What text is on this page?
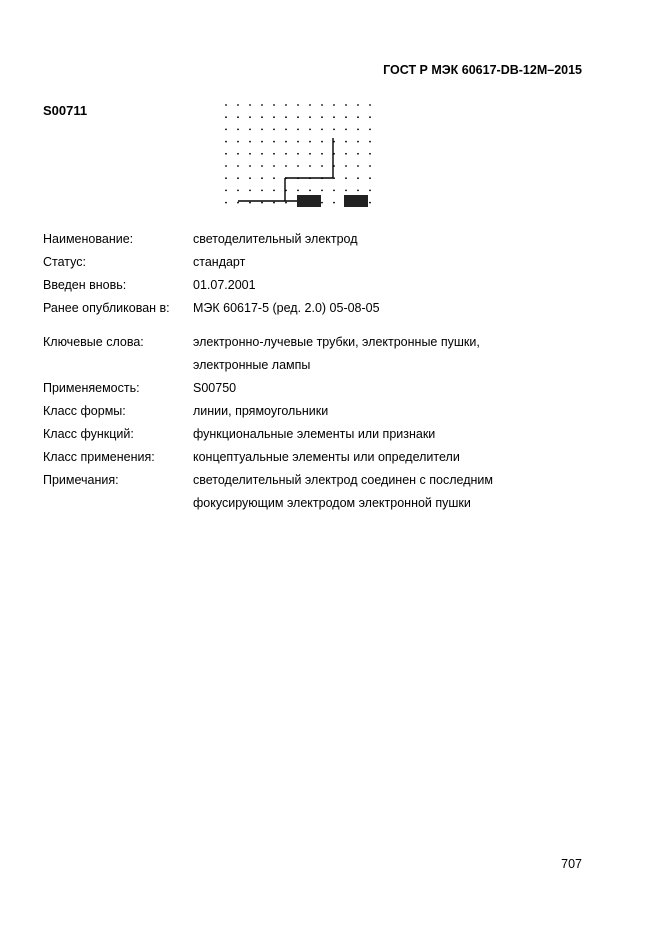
ГОСТ Р МЭК 60617-DB-12М–2015
S00711
Наименование:	светоделительный электрод
Статус:	стандарт
Введен вновь:	01.07.2001
Ранее опубликован в:	МЭК 60617-5 (ред. 2.0) 05-08-05
Ключевые слова:	электронно-лучевые трубки, электронные пушки,
электронные лампы
Применяемость:	S00750
Класс формы:	линии, прямоугольники
Класс функций:	функциональные элементы или признаки
Класс применения:	концептуальные элементы или определители
Примечания:	светоделительный электрод соединен с последним
фокусирующим электродом электронной пушки
707
